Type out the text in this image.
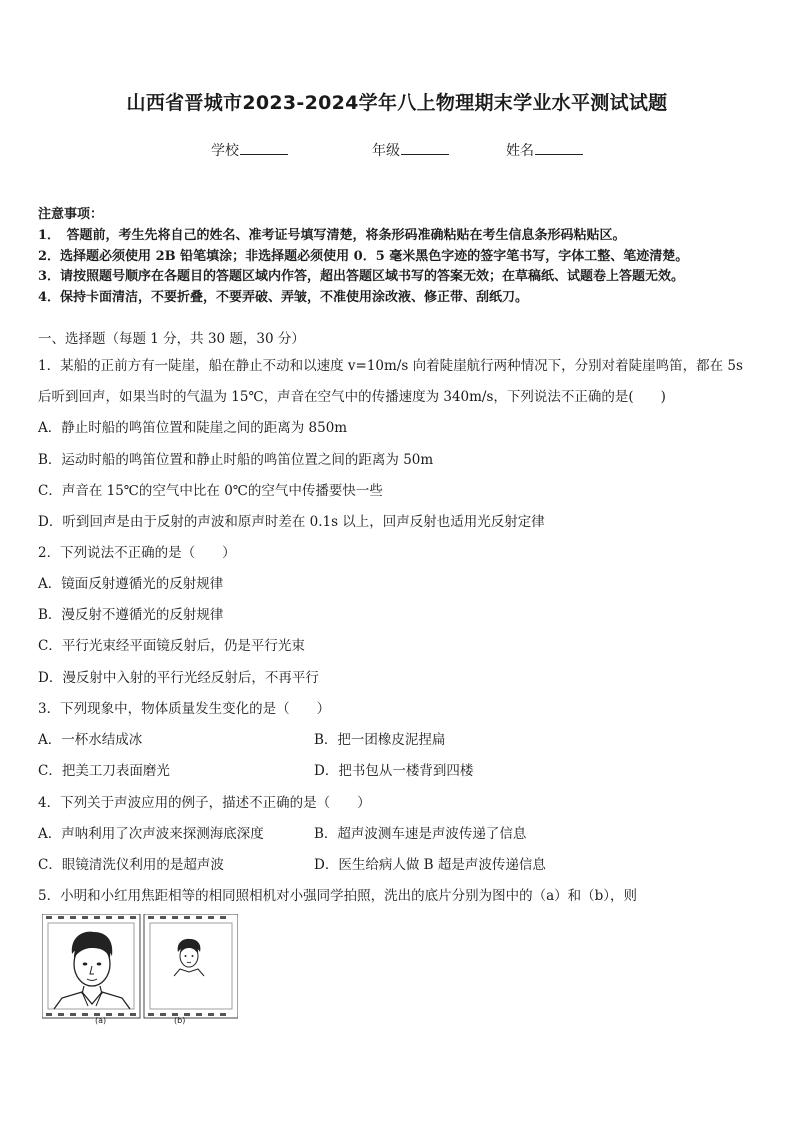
山西省晋城市2023-2024学年八上物理期末学业水平测试试题
学校	年级	姓名
注意事项：
1．　答题前，考生先将自己的姓名、准考证号填写清楚，将条形码准确粘贴在考生信息条形码粘贴区。
2．选择题必须使用 2B 铅笔填涂；非选择题必须使用 0．5 毫米黑色字迹的签字笔书写，字体工整、笔迹清楚。
3．请按照题号顺序在各题目的答题区域内作答，超出答题区域书写的答案无效；在草稿纸、试题卷上答题无效。
4．保持卡面清洁，不要折叠，不要弄破、弄皱，不准使用涂改液、修正带、刮纸刀。
一、选择题（每题 1 分，共 30 题，30 分）
1．某船的正前方有一陡崖，船在静止不动和以速度 v=10m/s 向着陡崖航行两种情况下，分别对着陡崖鸣笛，都在 5s
后听到回声，如果当时的气温为 15℃，声音在空气中的传播速度为 340m/s，下列说法不正确的是(　　)
A．静止时船的鸣笛位置和陡崖之间的距离为 850m
B．运动时船的鸣笛位置和静止时船的鸣笛位置之间的距离为 50m
C．声音在 15℃的空气中比在 0℃的空气中传播要快一些
D．听到回声是由于反射的声波和原声时差在 0.1s 以上，回声反射也适用光反射定律
2．下列说法不正确的是（　　）
A．镜面反射遵循光的反射规律
B．漫反射不遵循光的反射规律
C．平行光束经平面镜反射后，仍是平行光束
D．漫反射中入射的平行光经反射后，不再平行
3．下列现象中，物体质量发生变化的是（　　）
A．一杯水结成冰	B．把一团橡皮泥捏扁
C．把美工刀表面磨光	D．把书包从一楼背到四楼
4．下列关于声波应用的例子，描述不正确的是（　　）
A．声呐利用了次声波来探测海底深度	B．超声波测车速是声波传递了信息
C．眼镜清洗仪利用的是超声波	D．医生给病人做 B 超是声波传递信息
5．小明和小红用焦距相等的相同照相机对小强同学拍照，洗出的底片分别为图中的（a）和（b），则
(a)	(b)
